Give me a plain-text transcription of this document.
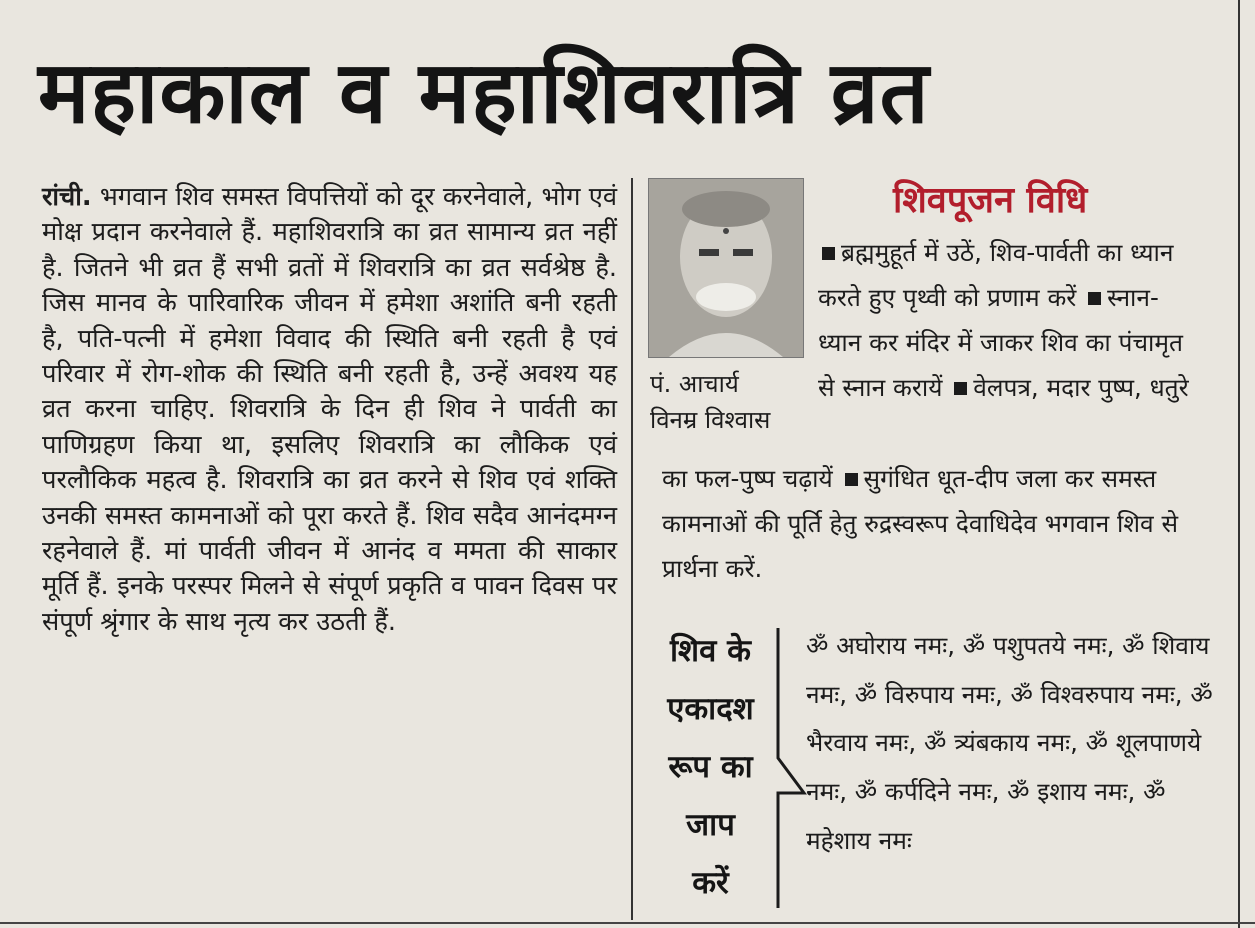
महाकाल व महाशिवरात्रि व्रत
रांची. भगवान शिव समस्त विपत्तियों को दूर करनेवाले, भोग एवं मोक्ष प्रदान करनेवाले हैं. महाशिवरात्रि का व्रत सामान्य व्रत नहीं है. जितने भी व्रत हैं सभी व्रतों में शिवरात्रि का व्रत सर्वश्रेष्ठ है. जिस मानव के पारिवारिक जीवन में हमेशा अशांति बनी रहती है, पति-पत्नी में हमेशा विवाद की स्थिति बनी रहती है एवं परिवार में रोग-शोक की स्थिति बनी रहती है, उन्हें अवश्य यह व्रत करना चाहिए. शिवरात्रि के दिन ही शिव ने पार्वती का पाणिग्रहण किया था, इसलिए शिवरात्रि का लौकिक एवं परलौकिक महत्व है. शिवरात्रि का व्रत करने से शिव एवं शक्ति उनकी समस्त कामनाओं को पूरा करते हैं. शिव सदैव आनंदमग्न रहनेवाले हैं. मां पार्वती जीवन में आनंद व ममता की साकार मूर्ति हैं. इनके परस्पर मिलने से संपूर्ण प्रकृति व पावन दिवस पर संपूर्ण श्रृंगार के साथ नृत्य कर उठती हैं.
पं. आचार्य
विनम्र विश्वास
शिवपूजन विधि
ब्रह्ममुहूर्त में उठें, शिव-पार्वती का ध्यान करते हुए पृथ्वी को प्रणाम करें स्नान-ध्यान कर मंदिर में जाकर शिव का पंचामृत से स्नान करायें वेलपत्र, मदार पुष्प, धतुरे
का फल-पुष्प चढ़ायें सुगंधित धूत-दीप जला कर समस्त कामनाओं की पूर्ति हेतु रुद्रस्वरूप देवाधिदेव भगवान शिव से प्रार्थना करें.
शिव के
एकादश
रूप का
जाप
करें
ॐ अघोराय नमः, ॐ पशुपतये नमः, ॐ शिवाय नमः, ॐ विरुपाय नमः, ॐ विश्वरुपाय नमः, ॐ भैरवाय नमः, ॐ त्र्यंबकाय नमः, ॐ शूलपाणये नमः, ॐ कर्पदिने नमः, ॐ इशाय नमः, ॐ महेशाय नमः
